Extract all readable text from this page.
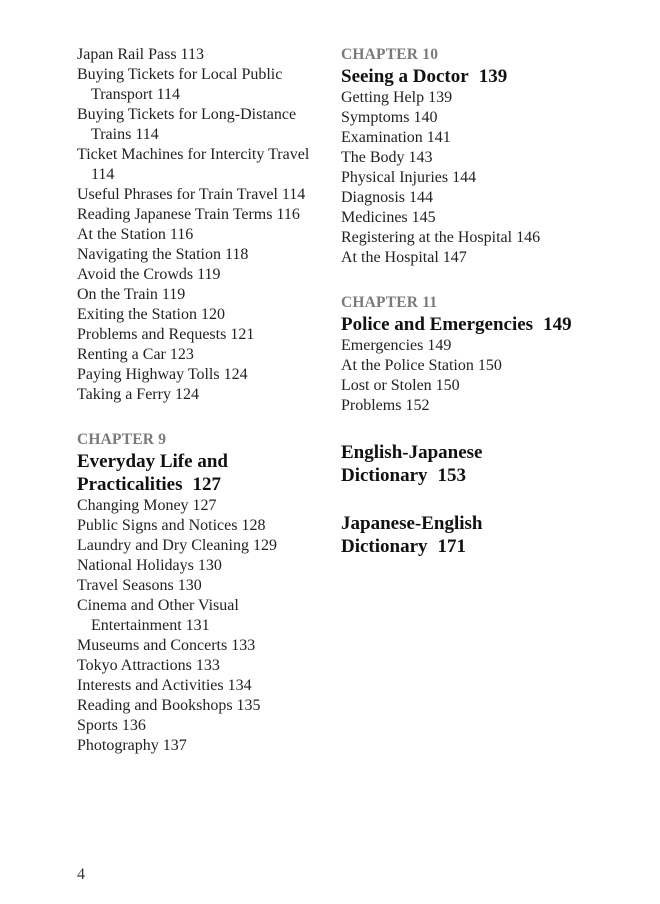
Japan Rail Pass 113
Buying Tickets for Local Public Transport 114
Buying Tickets for Long-Distance Trains 114
Ticket Machines for Intercity Travel 114
Useful Phrases for Train Travel 114
Reading Japanese Train Terms 116
At the Station 116
Navigating the Station 118
Avoid the Crowds 119
On the Train 119
Exiting the Station 120
Problems and Requests 121
Renting a Car 123
Paying Highway Tolls 124
Taking a Ferry 124
CHAPTER 9
Everyday Life and
Practicalities 127
Changing Money 127
Public Signs and Notices 128
Laundry and Dry Cleaning 129
National Holidays 130
Travel Seasons 130
Cinema and Other Visual Entertainment 131
Museums and Concerts 133
Tokyo Attractions 133
Interests and Activities 134
Reading and Bookshops 135
Sports 136
Photography 137
CHAPTER 10
Seeing a Doctor 139
Getting Help 139
Symptoms 140
Examination 141
The Body 143
Physical Injuries 144
Diagnosis 144
Medicines 145
Registering at the Hospital 146
At the Hospital 147
CHAPTER 11
Police and Emergencies 149
Emergencies 149
At the Police Station 150
Lost or Stolen 150
Problems 152
English-Japanese
Dictionary 153
Japanese-English
Dictionary 171
4
